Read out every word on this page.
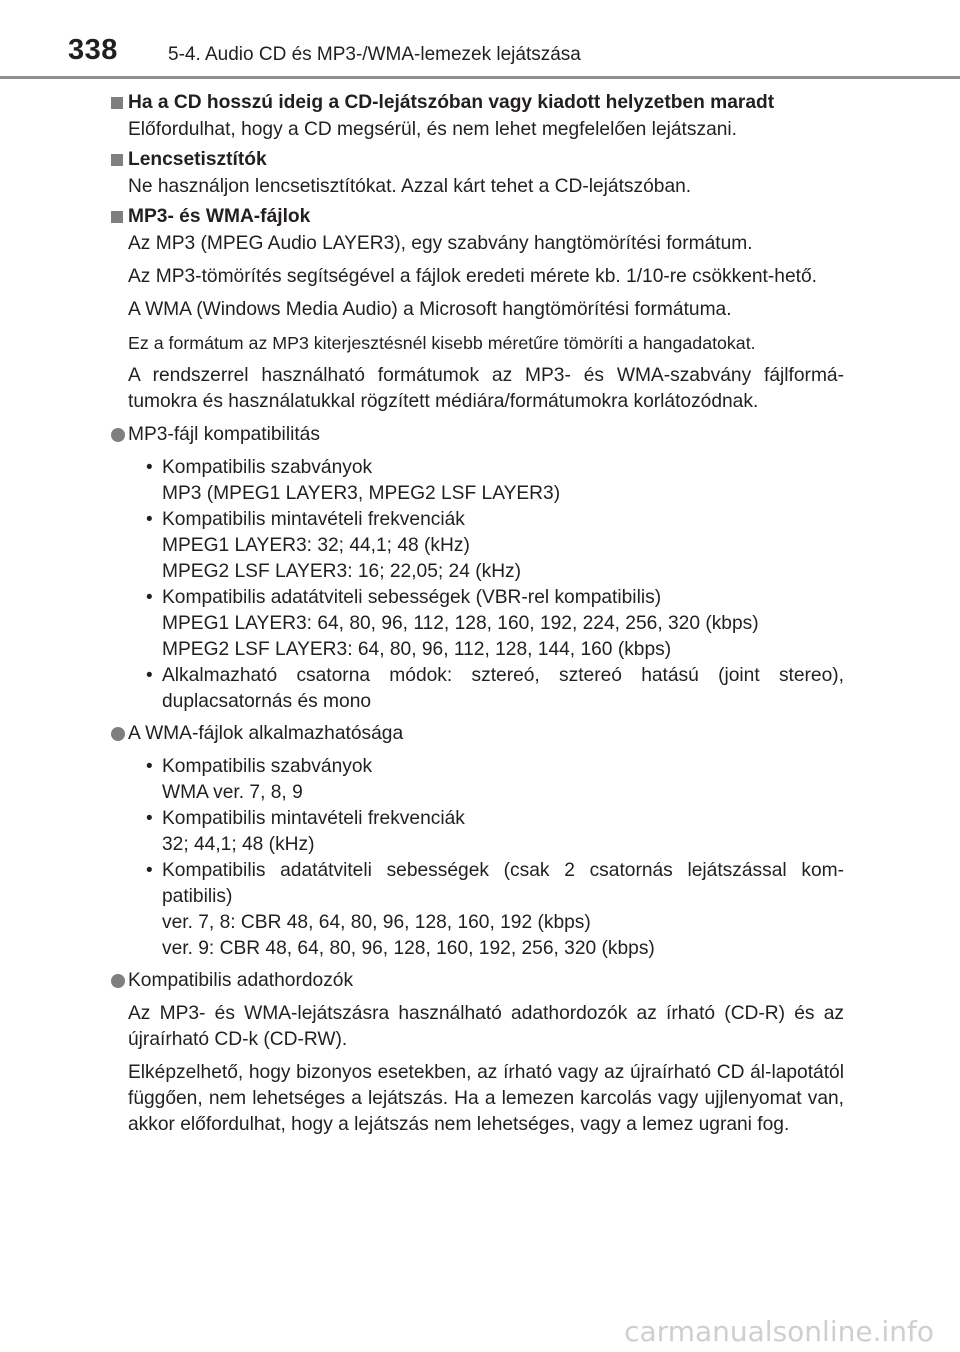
338	5-4. Audio CD és MP3-/WMA-lemezek lejátszása
Ha a CD hosszú ideig a CD-lejátszóban vagy kiadott helyzetben maradt

Előfordulhat, hogy a CD megsérül, és nem lehet megfelelően lejátszani.

Lencsetisztítók

Ne használjon lencsetisztítókat. Azzal kárt tehet a CD-lejátszóban.

MP3- és WMA-fájlok

Az MP3 (MPEG Audio LAYER3), egy szabvány hangtömörítési formátum.

Az MP3-tömörítés segítségével a fájlok eredeti mérete kb. 1/10-re csökkent-hető.

A WMA (Windows Media Audio) a Microsoft hangtömörítési formátuma.

Ez a formátum az MP3 kiterjesztésnél kisebb méretűre tömöríti a hangadatokat.

A rendszerrel használható formátumok az MP3- és WMA-szabvány fájlformá-tumokra és használatukkal rögzített médiára/formátumokra korlátozódnak.

MP3-fájl kompatibilitás
• Kompatibilis szabványok
MP3 (MPEG1 LAYER3, MPEG2 LSF LAYER3)
• Kompatibilis mintavételi frekvenciák
MPEG1 LAYER3: 32; 44,1; 48 (kHz)
MPEG2 LSF LAYER3: 16; 22,05; 24 (kHz)
• Kompatibilis adatátviteli sebességek (VBR-rel kompatibilis)
MPEG1 LAYER3: 64, 80, 96, 112, 128, 160, 192, 224, 256, 320 (kbps)
MPEG2 LSF LAYER3: 64, 80, 96, 112, 128, 144, 160 (kbps)
• Alkalmazható csatorna módok: sztereó, sztereó hatású (joint stereo), duplacsatornás és mono
A WMA-fájlok alkalmazhatósága
• Kompatibilis szabványok
WMA ver. 7, 8, 9
• Kompatibilis mintavételi frekvenciák
32; 44,1; 48 (kHz)
• Kompatibilis adatátviteli sebességek (csak 2 csatornás lejátszással kom-patibilis)
ver. 7, 8: CBR 48, 64, 80, 96, 128, 160, 192 (kbps)
ver. 9: CBR 48, 64, 80, 96, 128, 160, 192, 256, 320 (kbps)
Kompatibilis adathordozók

Az MP3- és WMA-lejátszásra használható adathordozók az írható (CD-R) és az újraírható CD-k (CD-RW).

Elképzelhető, hogy bizonyos esetekben, az írható vagy az újraírható CD ál-lapotától függően, nem lehetséges a lejátszás. Ha a lemezen karcolás vagy ujjlenyomat van, akkor előfordulhat, hogy a lejátszás nem lehetséges, vagy a lemez ugrani fog.

carmanualsonline.info
